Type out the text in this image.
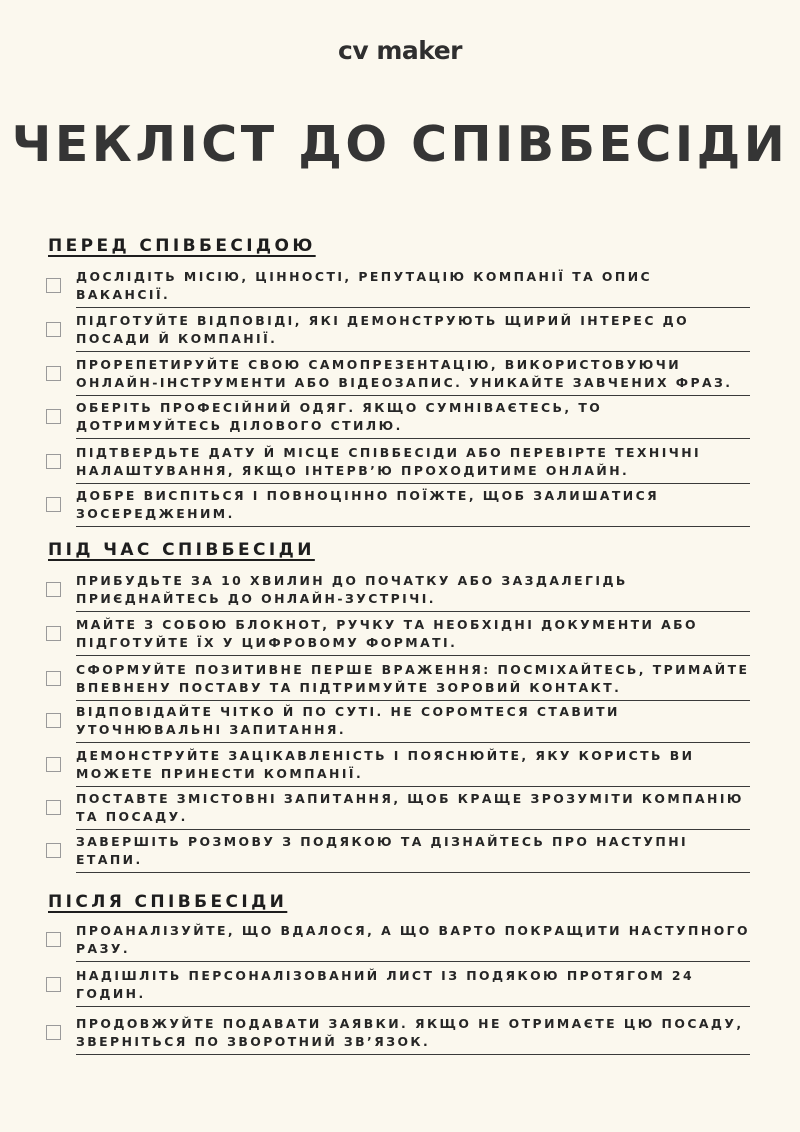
cv maker
ЧЕКЛІСТ ДО СПІВБЕСІДИ
ПЕРЕД СПІВБЕСІДОЮ
ДОСЛІДІТЬ МІСІЮ, ЦІННОСТІ, РЕПУТАЦІЮ КОМПАНІЇ ТА ОПИС ВАКАНСІЇ.
ПІДГОТУЙТЕ ВІДПОВІДІ, ЯКІ ДЕМОНСТРУЮТЬ ЩИРИЙ ІНТЕРЕС ДО ПОСАДИ Й КОМПАНІЇ.
ПРОРЕПЕТИРУЙТЕ СВОЮ САМОПРЕЗЕНТАЦІЮ, ВИКОРИСТОВУЮЧИ ОНЛАЙН-ІНСТРУМЕНТИ АБО ВІДЕОЗАПИС. УНИКАЙТЕ ЗАВЧЕНИХ ФРАЗ.
ОБЕРІТЬ ПРОФЕСІЙНИЙ ОДЯГ. ЯКЩО СУМНІВАЄТЕСЬ, ТО ДОТРИМУЙТЕСЬ ДІЛОВОГО СТИЛЮ.
ПІДТВЕРДЬТЕ ДАТУ Й МІСЦЕ СПІВБЕСІДИ АБО ПЕРЕВІРТЕ ТЕХНІЧНІ НАЛАШТУВАННЯ, ЯКЩО ІНТЕРВ’Ю ПРОХОДИТИМЕ ОНЛАЙН.
ДОБРЕ ВИСПІТЬСЯ І ПОВНОЦІННО ПОЇЖТЕ, ЩОБ ЗАЛИШАТИСЯ ЗОСЕРЕДЖЕНИМ.
ПІД ЧАС СПІВБЕСІДИ
ПРИБУДЬТЕ ЗА 10 ХВИЛИН ДО ПОЧАТКУ АБО ЗАЗДАЛЕГІДЬ ПРИЄДНАЙТЕСЬ ДО ОНЛАЙН-ЗУСТРІЧІ.
МАЙТЕ З СОБОЮ БЛОКНОТ, РУЧКУ ТА НЕОБХІДНІ ДОКУМЕНТИ АБО ПІДГОТУЙТЕ ЇХ У ЦИФРОВОМУ ФОРМАТІ.
СФОРМУЙТЕ ПОЗИТИВНЕ ПЕРШЕ ВРАЖЕННЯ: ПОСМІХАЙТЕСЬ, ТРИМАЙТЕ ВПЕВНЕНУ ПОСТАВУ ТА ПІДТРИМУЙТЕ ЗОРОВИЙ КОНТАКТ.
ВІДПОВІДАЙТЕ ЧІТКО Й ПО СУТІ. НЕ СОРОМТЕСЯ СТАВИТИ УТОЧНЮВАЛЬНІ ЗАПИТАННЯ.
ДЕМОНСТРУЙТЕ ЗАЦІКАВЛЕНІСТЬ І ПОЯСНЮЙТЕ, ЯКУ КОРИСТЬ ВИ МОЖЕТЕ ПРИНЕСТИ КОМПАНІЇ.
ПОСТАВТЕ ЗМІСТОВНІ ЗАПИТАННЯ, ЩОБ КРАЩЕ ЗРОЗУМІТИ КОМПАНІЮ ТА ПОСАДУ.
ЗАВЕРШІТЬ РОЗМОВУ З ПОДЯКОЮ ТА ДІЗНАЙТЕСЬ ПРО НАСТУПНІ ЕТАПИ.
ПІСЛЯ СПІВБЕСІДИ
ПРОАНАЛІЗУЙТЕ, ЩО ВДАЛОСЯ, А ЩО ВАРТО ПОКРАЩИТИ НАСТУПНОГО РАЗУ.
НАДІШЛІТЬ ПЕРСОНАЛІЗОВАНИЙ ЛИСТ ІЗ ПОДЯКОЮ ПРОТЯГОМ 24 ГОДИН.
ПРОДОВЖУЙТЕ ПОДАВАТИ ЗАЯВКИ. ЯКЩО НЕ ОТРИМАЄТЕ ЦЮ ПОСАДУ, ЗВЕРНІТЬСЯ ПО ЗВОРОТНИЙ ЗВ’ЯЗОК.
